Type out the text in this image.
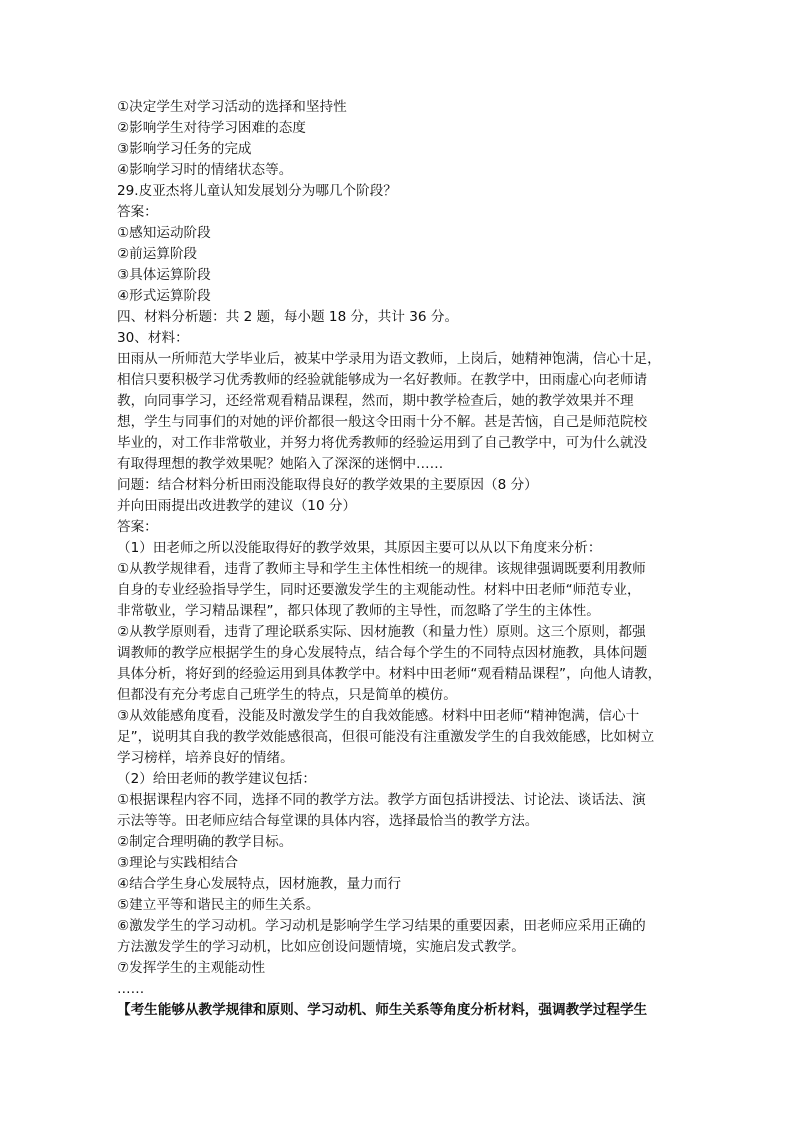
①决定学生对学习活动的选择和坚持性
②影响学生对待学习困难的态度
③影响学习任务的完成
④影响学习时的情绪状态等。
29.皮亚杰将儿童认知发展划分为哪几个阶段？
答案：
①感知运动阶段
②前运算阶段
③具体运算阶段
④形式运算阶段
四、材料分析题：共 2 题，每小题 18 分，共计 36 分。
30、材料：
田雨从一所师范大学毕业后，被某中学录用为语文教师，上岗后，她精神饱满，信心十足，
相信只要积极学习优秀教师的经验就能够成为一名好教师。在教学中，田雨虚心向老师请
教，向同事学习，还经常观看精品课程，然而，期中教学检查后，她的教学效果并不理
想，学生与同事们的对她的评价都很一般这令田雨十分不解。甚是苦恼，自己是师范院校
毕业的，对工作非常敬业，并努力将优秀教师的经验运用到了自己教学中，可为什么就没
有取得理想的教学效果呢？她陷入了深深的迷惘中……
问题：结合材料分析田雨没能取得良好的教学效果的主要原因（8 分）
并向田雨提出改进教学的建议（10 分）
答案：
（1）田老师之所以没能取得好的教学效果，其原因主要可以从以下角度来分析：
①从教学规律看，违背了教师主导和学生主体性相统一的规律。该规律强调既要利用教师
自身的专业经验指导学生，同时还要激发学生的主观能动性。材料中田老师“师范专业，
非常敬业，学习精品课程”，都只体现了教师的主导性，而忽略了学生的主体性。
②从教学原则看，违背了理论联系实际、因材施教（和量力性）原则。这三个原则，都强
调教师的教学应根据学生的身心发展特点，结合每个学生的不同特点因材施教，具体问题
具体分析，将好到的经验运用到具体教学中。材料中田老师“观看精品课程”，向他人请教，
但都没有充分考虑自己班学生的特点，只是简单的模仿。
③从效能感角度看，没能及时激发学生的自我效能感。材料中田老师“精神饱满，信心十
足”，说明其自我的教学效能感很高，但很可能没有注重激发学生的自我效能感，比如树立
学习榜样，培养良好的情绪。
（2）给田老师的教学建议包括：
①根据课程内容不同，选择不同的教学方法。教学方面包括讲授法、讨论法、谈话法、演
示法等等。田老师应结合每堂课的具体内容，选择最恰当的教学方法。
②制定合理明确的教学目标。
③理论与实践相结合
④结合学生身心发展特点，因材施教，量力而行
⑤建立平等和谐民主的师生关系。
⑥激发学生的学习动机。学习动机是影响学生学习结果的重要因素，田老师应采用正确的
方法激发学生的学习动机，比如应创设问题情境，实施启发式教学。
⑦发挥学生的主观能动性
……
【考生能够从教学规律和原则、学习动机、师生关系等角度分析材料，强调教学过程学生
